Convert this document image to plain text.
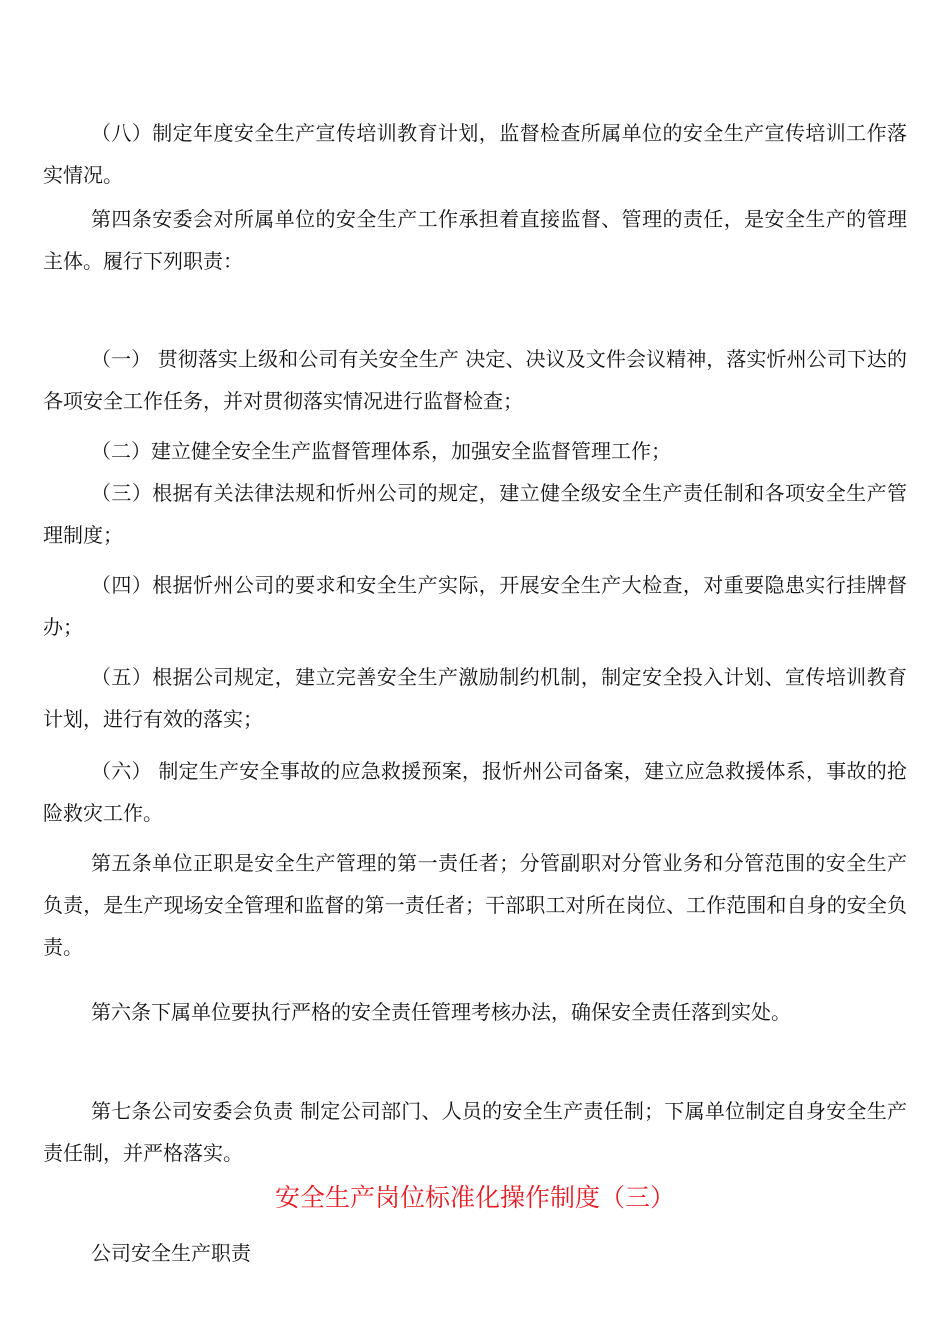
（八）制定年度安全生产宣传培训教育计划，监督检查所属单位的安全生产宣传培训工作落实情况。

第四条安委会对所属单位的安全生产工作承担着直接监督、管理的责任，是安全生产的管理主体。履行下列职责：

（一） 贯彻落实上级和公司有关安全生产 决定、决议及文件会议精神，落实忻州公司下达的各项安全工作任务，并对贯彻落实情况进行监督检查；

（二）建立健全安全生产监督管理体系，加强安全监督管理工作；

（三）根据有关法律法规和忻州公司的规定，建立健全级安全生产责任制和各项安全生产管理制度；

（四）根据忻州公司的要求和安全生产实际，开展安全生产大检查，对重要隐患实行挂牌督办；

（五）根据公司规定，建立完善安全生产激励制约机制，制定安全投入计划、宣传培训教育计划，进行有效的落实；

（六） 制定生产安全事故的应急救援预案，报忻州公司备案，建立应急救援体系，事故的抢险救灾工作。

第五条单位正职是安全生产管理的第一责任者；分管副职对分管业务和分管范围的安全生产负责，是生产现场安全管理和监督的第一责任者；干部职工对所在岗位、工作范围和自身的安全负责。

第六条下属单位要执行严格的安全责任管理考核办法，确保安全责任落到实处。

第七条公司安委会负责 制定公司部门、人员的安全生产责任制；下属单位制定自身安全生产责任制，并严格落实。

安全生产岗位标准化操作制度（三）

公司安全生产职责
